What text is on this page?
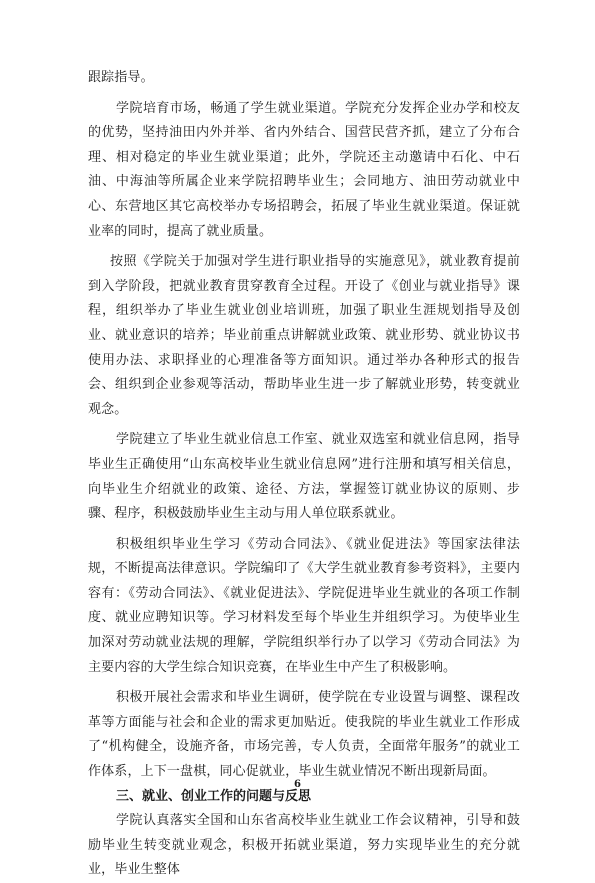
跟踪指导。

学院培育市场，畅通了学生就业渠道。学院充分发挥企业办学和校友的优势，坚持油田内外并举、省内外结合、国营民营齐抓，建立了分布合理、相对稳定的毕业生就业渠道；此外，学院还主动邀请中石化、中石油、中海油等所属企业来学院招聘毕业生；会同地方、油田劳动就业中心、东营地区其它高校举办专场招聘会，拓展了毕业生就业渠道。保证就业率的同时，提高了就业质量。

按照《学院关于加强对学生进行职业指导的实施意见》，就业教育提前到入学阶段，把就业教育贯穿教育全过程。开设了《创业与就业指导》课程，组织举办了毕业生就业创业培训班，加强了职业生涯规划指导及创业、就业意识的培养；毕业前重点讲解就业政策、就业形势、就业协议书使用办法、求职择业的心理准备等方面知识。通过举办各种形式的报告会、组织到企业参观等活动，帮助毕业生进一步了解就业形势，转变就业观念。

学院建立了毕业生就业信息工作室、就业双选室和就业信息网，指导毕业生正确使用“山东高校毕业生就业信息网”进行注册和填写相关信息，向毕业生介绍就业的政策、途径、方法，掌握签订就业协议的原则、步骤、程序，积极鼓励毕业生主动与用人单位联系就业。

积极组织毕业生学习《劳动合同法》、《就业促进法》等国家法律法规，不断提高法律意识。学院编印了《大学生就业教育参考资料》，主要内容有：《劳动合同法》、《就业促进法》、学院促进毕业生就业的各项工作制度、就业应聘知识等。学习材料发至每个毕业生并组织学习。为使毕业生加深对劳动就业法规的理解，学院组织举行办了以学习《劳动合同法》为主要内容的大学生综合知识竞赛，在毕业生中产生了积极影响。

积极开展社会需求和毕业生调研，使学院在专业设置与调整、课程改革等方面能与社会和企业的需求更加贴近。使我院的毕业生就业工作形成了“机构健全，设施齐备，市场完善，专人负责，全面常年服务”的就业工作体系，上下一盘棋，同心促就业，毕业生就业情况不断出现新局面。

三、就业、创业工作的问题与反思

学院认真落实全国和山东省高校毕业生就业工作会议精神，引导和鼓励毕业生转变就业观念，积极开拓就业渠道，努力实现毕业生的充分就业，毕业生整体

6
